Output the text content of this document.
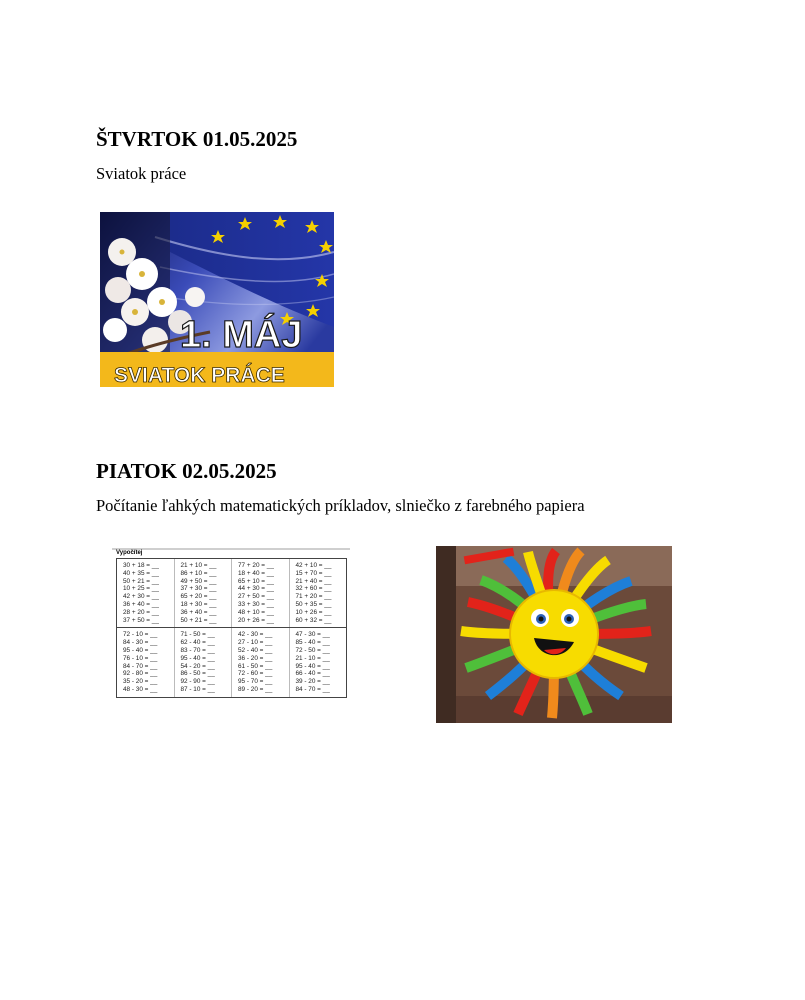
ŠTVRTOK 01.05.2025

Sviatok práce

1. MÁJ
SVIATOK PRÁCE
PIATOK 02.05.2025

Počítanie ľahkých matematických príkladov, slniečko z farebného papiera

Vypočítej
30 + 18 = __
40 + 35 = __
50 + 21 = __
10 + 25 = __
42 + 30 = __
36 + 40 = __
28 + 20 = __
37 + 50 = __
21 + 10 = __
86 + 10 = __
49 + 50 = __
37 + 30 = __
65 + 20 = __
18 + 30 = __
36 + 40 = __
50 + 21 = __
77 + 20 = __
18 + 40 = __
65 + 10 = __
44 + 30 = __
27 + 50 = __
33 + 30 = __
48 + 10 = __
20 + 26 = __
42 + 10 = __
15 + 70 = __
21 + 40 = __
32 + 60 = __
71 + 20 = __
50 + 35 = __
10 + 26 = __
60 + 32 = __
72 - 10 = __
84 - 30 = __
95 - 40 = __
76 - 10 = __
84 - 70 = __
92 - 80 = __
35 - 20 = __
48 - 30 = __
71 - 50 = __
62 - 40 = __
83 - 70 = __
95 - 40 = __
54 - 20 = __
86 - 50 = __
92 - 90 = __
87 - 10 = __
42 - 30 = __
27 - 10 = __
52 - 40 = __
36 - 20 = __
61 - 50 = __
72 - 60 = __
95 - 70 = __
89 - 20 = __
47 - 30 = __
85 - 40 = __
72 - 50 = __
21 - 10 = __
95 - 40 = __
66 - 40 = __
39 - 20 = __
84 - 70 = __
